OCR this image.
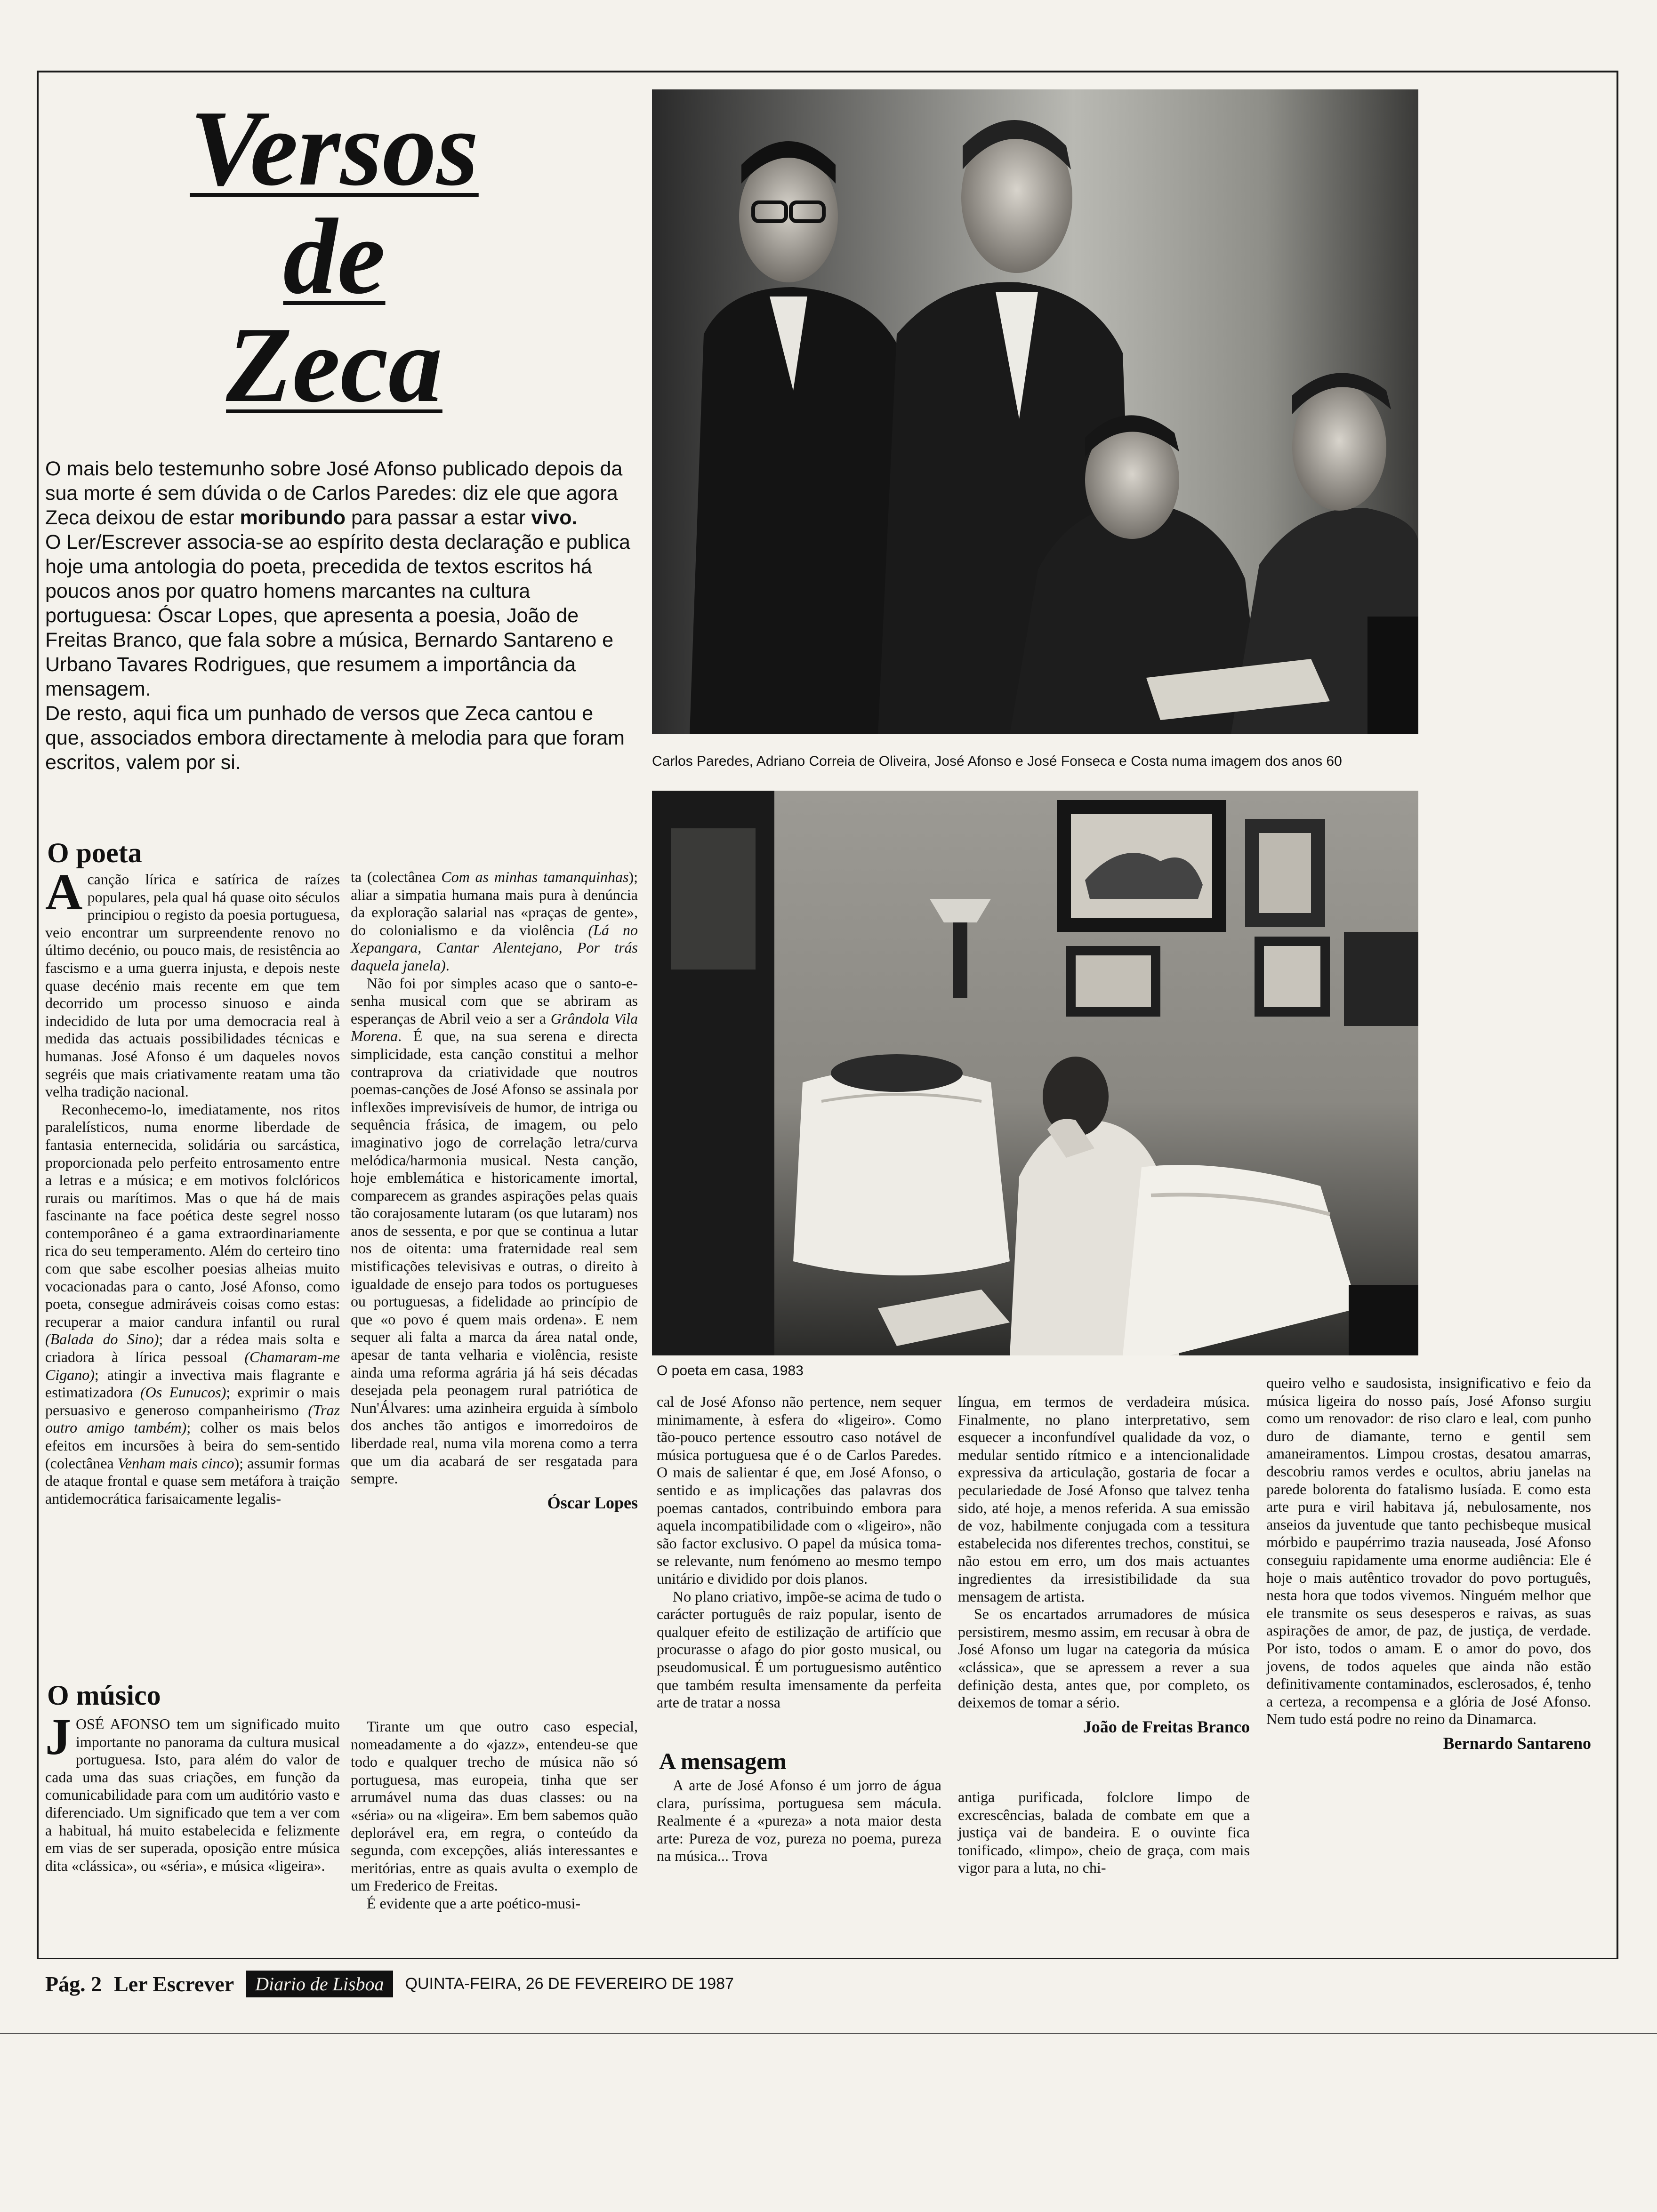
Versos
de
Zeca

O mais belo testemunho sobre José Afonso publicado depois da sua morte é sem dúvida o de Carlos Paredes: diz ele que agora Zeca deixou de estar moribundo para passar a estar vivo.

O Ler/Escrever associa-se ao espírito desta declaração e publica hoje uma antologia do poeta, precedida de textos escritos há poucos anos por quatro homens marcantes na cultura portuguesa: Óscar Lopes, que apresenta a poesia, João de Freitas Branco, que fala sobre a música, Bernardo Santareno e Urbano Tavares Rodrigues, que resumem a importância da mensagem.

De resto, aqui fica um punhado de versos que Zeca cantou e que, associados embora directamente à melodia para que foram escritos, valem por si.	Carlos Paredes, Adriano Correia de Oliveira, José Afonso e José Fonseca e Costa numa imagem dos anos 60
O poeta em casa, 1983
O poeta

Acanção lírica e satírica de raízes populares, pela qual há quase oito séculos principiou o registo da poesia portuguesa, veio encontrar um surpreendente renovo no último decénio, ou pouco mais, de resistência ao fascismo e a uma guerra injusta, e depois neste quase decénio mais recente em que tem decorrido um processo sinuoso e ainda indecidido de luta por uma democracia real à medida das actuais possibilidades técnicas e humanas. José Afonso é um daqueles novos segréis que mais criativamente reatam uma tão velha tradição nacional.

Reconhecemo-lo, imediatamente, nos ritos paralelísticos, numa enorme liberdade de fantasia enternecida, solidária ou sarcástica, proporcionada pelo perfeito entrosamento entre a letras e a música; e em motivos folclóricos rurais ou marítimos. Mas o que há de mais fascinante na face poética deste segrel nosso contemporâneo é a gama extraordinariamente rica do seu temperamento. Além do certeiro tino com que sabe escolher poesias alheias muito vocacionadas para o canto, José Afonso, como poeta, consegue admiráveis coisas como estas: recuperar a maior candura infantil ou rural (Balada do Sino); dar a rédea mais solta e criadora à lírica pessoal (Chamaram-me Cigano); atingir a invectiva mais flagrante e estimatizadora (Os Eunucos); exprimir o mais persuasivo e generoso companheirismo (Traz outro amigo também); colher os mais belos efeitos em incursões à beira do sem-sentido (colectânea Venham mais cinco); assumir formas de ataque frontal e quase sem metáfora à traição antidemocrática farisaicamente legalis-

ta (colectânea Com as minhas tamanquinhas); aliar a simpatia humana mais pura à denúncia da exploração salarial nas «praças de gente», do colonialismo e da violência (Lá no Xepangara, Cantar Alentejano, Por trás daquela janela).

Não foi por simples acaso que o santo-e-senha musical com que se abriram as esperanças de Abril veio a ser a Grândola Vila Morena. É que, na sua serena e directa simplicidade, esta canção constitui a melhor contraprova da criatividade que noutros poemas-canções de José Afonso se assinala por inflexões imprevisíveis de humor, de intriga ou sequência frásica, de imagem, ou pelo imaginativo jogo de correlação letra/curva melódica/harmonia musical. Nesta canção, hoje emblemática e historicamente imortal, comparecem as grandes aspirações pelas quais tão corajosamente lutaram (os que lutaram) nos anos de sessenta, e por que se continua a lutar nos de oitenta: uma fraternidade real sem mistificações televisivas e outras, o direito à igualdade de ensejo para todos os portugueses ou portuguesas, a fidelidade ao princípio de que «o povo é quem mais ordena». E nem sequer ali falta a marca da área natal onde, apesar de tanta velharia e violência, resiste ainda uma reforma agrária já há seis décadas desejada pela peonagem rural patriótica de Nun'Álvares: uma azinheira erguida à símbolo dos anches tão antigos e imorredoiros de liberdade real, numa vila morena como a terra que um dia acabará de ser resgatada para sempre.

Óscar Lopes
O músico

JOSÉ AFONSO tem um significado muito importante no panorama da cultura musical portuguesa. Isto, para além do valor de cada uma das suas criações, em função da comunicabilidade para com um auditório vasto e diferenciado. Um significado que tem a ver com a habitual, há muito estabelecida e felizmente em vias de ser superada, oposição entre música dita «clássica», ou «séria», e música «ligeira».

Tirante um que outro caso especial, nomeadamente a do «jazz», entendeu-se que todo e qualquer trecho de música não só portuguesa, mas europeia, tinha que ser arrumável numa das duas classes: ou na «séria» ou na «ligeira». Em bem sabemos quão deplorável era, em regra, o conteúdo da segunda, com excepções, aliás interessantes e meritórias, entre as quais avulta o exemplo de um Frederico de Freitas.

É evidente que a arte poético-musi-

cal de José Afonso não pertence, nem sequer minimamente, à esfera do «ligeiro». Como tão-pouco pertence essoutro caso notável de música portuguesa que é o de Carlos Paredes. O mais de salientar é que, em José Afonso, o sentido e as implicações das palavras dos poemas cantados, contribuindo embora para aquela incompatibilidade com o «ligeiro», não são factor exclusivo. O papel da música toma-se relevante, num fenómeno ao mesmo tempo unitário e dividido por dois planos.

No plano criativo, impõe-se acima de tudo o carácter português de raiz popular, isento de qualquer efeito de estilização de artifício que procurasse o afago do pior gosto musical, ou pseudomusical. É um portuguesismo autêntico que também resulta imensamente da perfeita arte de tratar a nossa

língua, em termos de verdadeira música. Finalmente, no plano interpretativo, sem esquecer a inconfundível qualidade da voz, o medular sentido rítmico e a intencionalidade expressiva da articulação, gostaria de focar a peculariedade de José Afonso que talvez tenha sido, até hoje, a menos referida. A sua emissão de voz, habilmente conjugada com a tessitura estabelecida nos diferentes trechos, constitui, se não estou em erro, um dos mais actuantes ingredientes da irresistibilidade da sua mensagem de artista.

Se os encartados arrumadores de música persistirem, mesmo assim, em recusar à obra de José Afonso um lugar na categoria da música «clássica», que se apressem a rever a sua definição desta, antes que, por completo, os deixemos de tomar a sério.

João de Freitas Branco
A mensagem

A arte de José Afonso é um jorro de água clara, puríssima, portuguesa sem mácula. Realmente é a «pureza» a nota maior desta arte: Pureza de voz, pureza no poema, pureza na música... Trova

antiga purificada, folclore limpo de excrescências, balada de combate em que a justiça vai de bandeira. E o ouvinte fica tonificado, «limpo», cheio de graça, com mais vigor para a luta, no chi-

queiro velho e saudosista, insignificativo e feio da música ligeira do nosso país, José Afonso surgiu como um renovador: de riso claro e leal, com punho duro de diamante, terno e gentil sem amaneiramentos. Limpou crostas, desatou amarras, descobriu ramos verdes e ocultos, abriu janelas na parede bolorenta do fatalismo lusíada. E como esta arte pura e viril habitava já, nebulosamente, nos anseios da juventude que tanto pechisbeque musical mórbido e paupérrimo trazia nauseada, José Afonso conseguiu rapidamente uma enorme audiência: Ele é hoje o mais autêntico trovador do povo português, nesta hora que todos vivemos. Ninguém melhor que ele transmite os seus desesperos e raivas, as suas aspirações de amor, de paz, de justiça, de verdade. Por isto, todos o amam. E o amor do povo, dos jovens, de todos aqueles que ainda não estão definitivamente contaminados, esclerosados, é, tenho a certeza, a recompensa e a glória de José Afonso. Nem tudo está podre no reino da Dinamarca.

Bernardo Santareno
Pág. 2 Ler Escrever	Diario de Lisboa	QUINTA-FEIRA, 26 DE FEVEREIRO DE 1987
